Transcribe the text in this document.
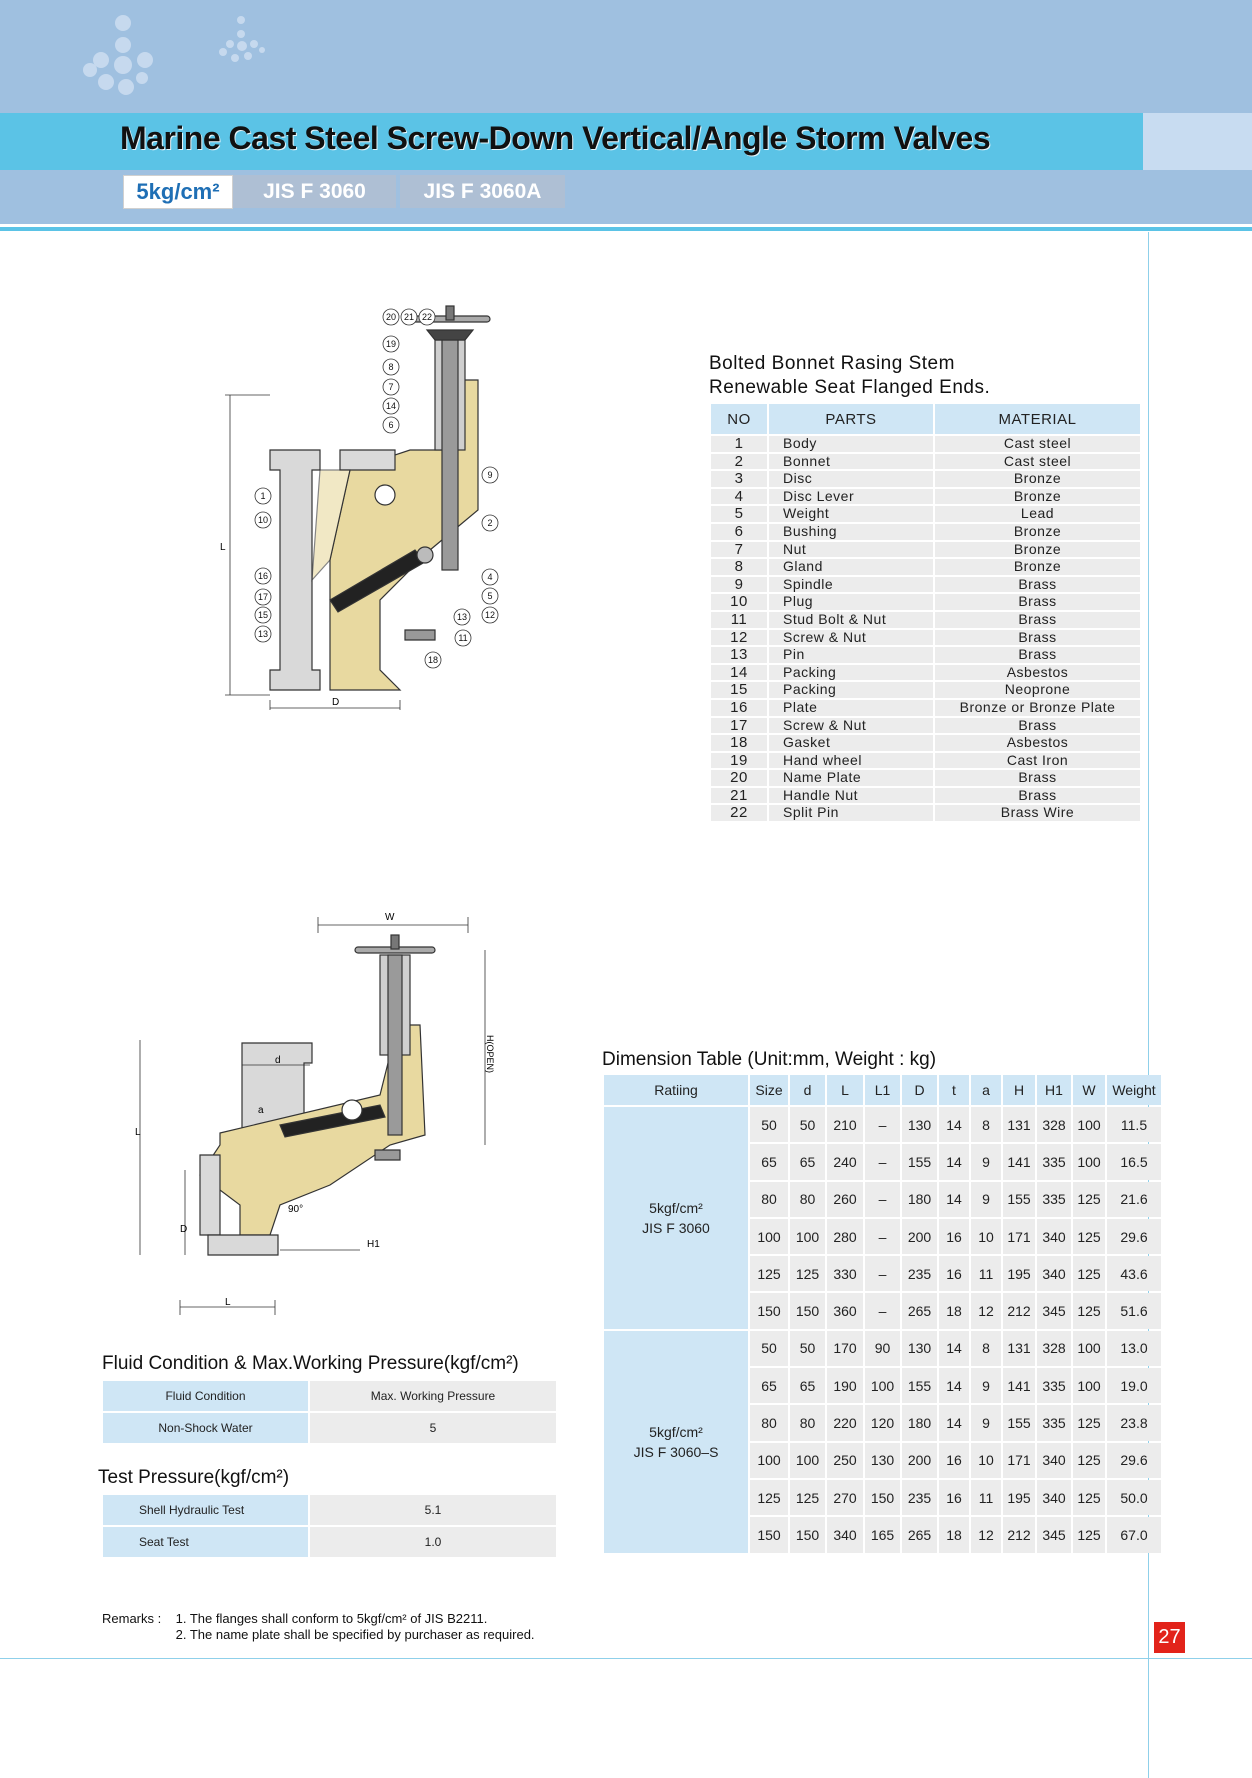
Marine Cast Steel Screw-Down Vertical/Angle Storm Valves
5kg/cm²	JIS F 3060	JIS F 3060A
27
L
D
20 21 22
19
8
7
14
6
1
10
16
17
15
13
9
2
4
5
12
13
11
18
Bolted Bonnet Rasing Stem
Renewable Seat Flanged Ends.
NO	PARTS	MATERIAL
1	Body	Cast steel
2	Bonnet	Cast steel
3	Disc	Bronze
4	Disc Lever	Bronze
5	Weight	Lead
6	Bushing	Bronze
7	Nut	Bronze
8	Gland	Bronze
9	Spindle	Brass
10	Plug	Brass
11	Stud Bolt & Nut	Brass
12	Screw & Nut	Brass
13	Pin	Brass
14	Packing	Asbestos
15	Packing	Neoprone
16	Plate	Bronze or Bronze Plate
17	Screw & Nut	Brass
18	Gasket	Asbestos
19	Hand wheel	Cast Iron
20	Name Plate	Brass
21	Handle Nut	Brass
22	Split Pin	Brass Wire
W
H(OPEN)
L
d
a
D
90°
H1
L
Dimension Table (Unit:mm, Weight : kg)
Ratiing	Size	d	L	L1	D	t	a	H	H1	W	Weight

5kgf/cm²
JIS F 3060	50	50	210	–	130	14	8	131	328	100	11.5
	65	65	240	–	155	14	9	141	335	100	16.5
	80	80	260	–	180	14	9	155	335	125	21.6
	100	100	280	–	200	16	10	171	340	125	29.6
	125	125	330	–	235	16	11	195	340	125	43.6
	150	150	360	–	265	18	12	212	345	125	51.6

5kgf/cm²
JIS F 3060–S	50	50	170	90	130	14	8	131	328	100	13.0
	65	65	190	100	155	14	9	141	335	100	19.0
	80	80	220	120	180	14	9	155	335	125	23.8
	100	100	250	130	200	16	10	171	340	125	29.6
	125	125	270	150	235	16	11	195	340	125	50.0
	150	150	340	165	265	18	12	212	345	125	67.0
Fluid Condition & Max.Working Pressure(kgf/cm²)
Fluid Condition	Max. Working Pressure
Non-Shock Water	5
Test Pressure(kgf/cm²)
Shell Hydraulic Test	5.1
Seat Test	1.0
Remarks : 1. The flanges shall conform to 5kgf/cm² of JIS B2211.
2. The name plate shall be specified by purchaser as required.
